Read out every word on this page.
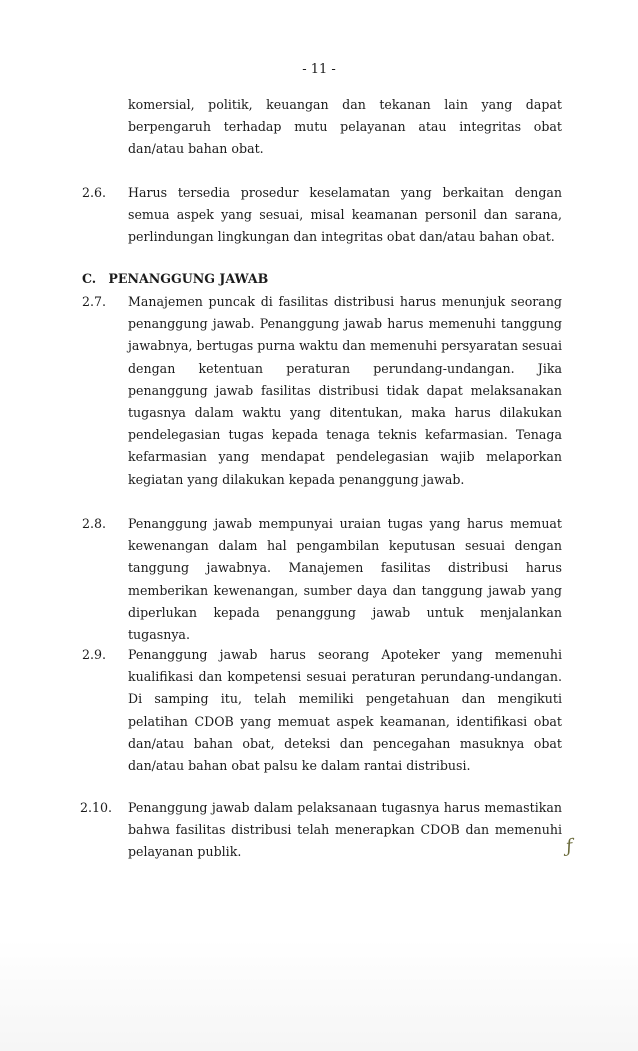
- 11 -
komersial, politik, keuangan dan tekanan lain yang dapat berpengaruh terhadap mutu pelayanan atau integritas obat dan/atau bahan obat.
2.6. Harus tersedia prosedur keselamatan yang berkaitan dengan semua aspek yang sesuai, misal keamanan personil dan sarana, perlindungan lingkungan dan integritas obat dan/atau bahan obat.
C. PENANGGUNG JAWAB
2.7. Manajemen puncak di fasilitas distribusi harus menunjuk seorang penanggung jawab. Penanggung jawab harus memenuhi tanggung jawabnya, bertugas purna waktu dan memenuhi persyaratan sesuai dengan ketentuan peraturan perundang-undangan. Jika penanggung jawab fasilitas distribusi tidak dapat melaksanakan tugasnya dalam waktu yang ditentukan, maka harus dilakukan pendelegasian tugas kepada tenaga teknis kefarmasian. Tenaga kefarmasian yang mendapat pendelegasian wajib melaporkan kegiatan yang dilakukan kepada penanggung jawab.
2.8. Penanggung jawab mempunyai uraian tugas yang harus memuat kewenangan dalam hal pengambilan keputusan sesuai dengan tanggung jawabnya. Manajemen fasilitas distribusi harus memberikan kewenangan, sumber daya dan tanggung jawab yang diperlukan kepada penanggung jawab untuk menjalankan tugasnya.
2.9. Penanggung jawab harus seorang Apoteker yang memenuhi kualifikasi dan kompetensi sesuai peraturan perundang-undangan. Di samping itu, telah memiliki pengetahuan dan mengikuti pelatihan CDOB yang memuat aspek keamanan, identifikasi obat dan/atau bahan obat, deteksi dan pencegahan masuknya obat dan/atau bahan obat palsu ke dalam rantai distribusi.
2.10. Penanggung jawab dalam pelaksanaan tugasnya harus memastikan bahwa fasilitas distribusi telah menerapkan CDOB dan memenuhi pelayanan publik.	ƒ
